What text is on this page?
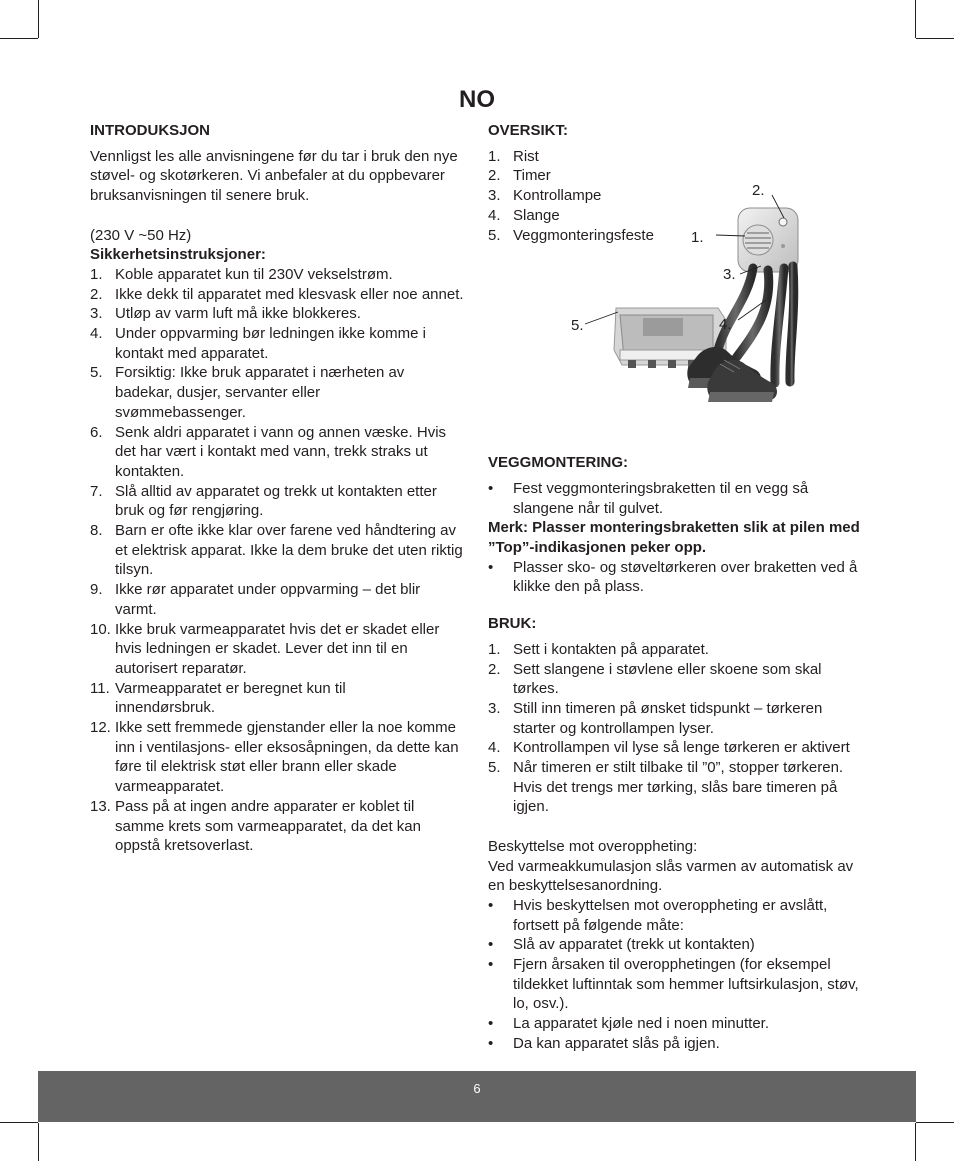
NO
INTRODUKSJON

Vennligst les alle anvisningene før du tar i bruk den nye støvel- og skotørkeren. Vi anbefaler at du oppbevarer bruksanvisningen til senere bruk.

(230 V ~50 Hz)

Sikkerhetsinstruksjoner:

1. Koble apparatet kun til 230V vekselstrøm.
2. Ikke dekk til apparatet med klesvask eller noe annet.
3. Utløp av varm luft må ikke blokkeres.
4. Under oppvarming bør ledningen ikke komme i kontakt med apparatet.
5. Forsiktig: Ikke bruk apparatet i nærheten av badekar, dusjer, servanter eller svømmebassenger.
6. Senk aldri apparatet i vann og annen væske. Hvis det har vært i kontakt med vann, trekk straks ut kontakten.
7. Slå alltid av apparatet og trekk ut kontakten etter bruk og før rengjøring.
8. Barn er ofte ikke klar over farene ved håndtering av et elektrisk apparat. Ikke la dem bruke det uten riktig tilsyn.
9. Ikke rør apparatet under oppvarming – det blir varmt.
10. Ikke bruk varmeapparatet hvis det er skadet eller hvis ledningen er skadet. Lever det inn til en autorisert reparatør.
11. Varmeapparatet er beregnet kun til innendørsbruk.
12. Ikke sett fremmede gjenstander eller la noe komme inn i ventilasjons- eller eksosåpningen, da dette kan føre til elektrisk støt eller brann eller skade varmeapparatet.
13. Pass på at ingen andre apparater er koblet til samme krets som varmeapparatet, da det kan oppstå kretsoverlast.
OVERSIKT:
1. Rist
2. Timer
3. Kontrollampe
4. Slange
5. Veggmonteringsfeste	1.
2.
3.
4.
5.
VEGGMONTERING:
• Fest veggmonteringsbraketten til en vegg så slangene når til gulvet.

Merk: Plasser monteringsbraketten slik at pilen med ”Top”-indikasjonen peker opp.

• Plasser sko- og støveltørkeren over braketten ved å klikke den på plass.
BRUK:
1. Sett i kontakten på apparatet.
2. Sett slangene i støvlene eller skoene som skal tørkes.
3. Still inn timeren på ønsket tidspunkt – tørkeren starter og kontrollampen lyser.
4. Kontrollampen vil lyse så lenge tørkeren er aktivert
5. Når timeren er stilt tilbake til ”0”, stopper tørkeren. Hvis det trengs mer tørking, slås bare timeren på igjen.

Beskyttelse mot overoppheting:

Ved varmeakkumulasjon slås varmen av automatisk av en beskyttelsesanordning.

• Hvis beskyttelsen mot overoppheting er avslått, fortsett på følgende måte:
• Slå av apparatet (trekk ut kontakten)
• Fjern årsaken til overopphetingen (for eksempel tildekket luftinntak som hemmer luftsirkulasjon, støv, lo, osv.).
• La apparatet kjøle ned i noen minutter.
• Da kan apparatet slås på igjen.
6
